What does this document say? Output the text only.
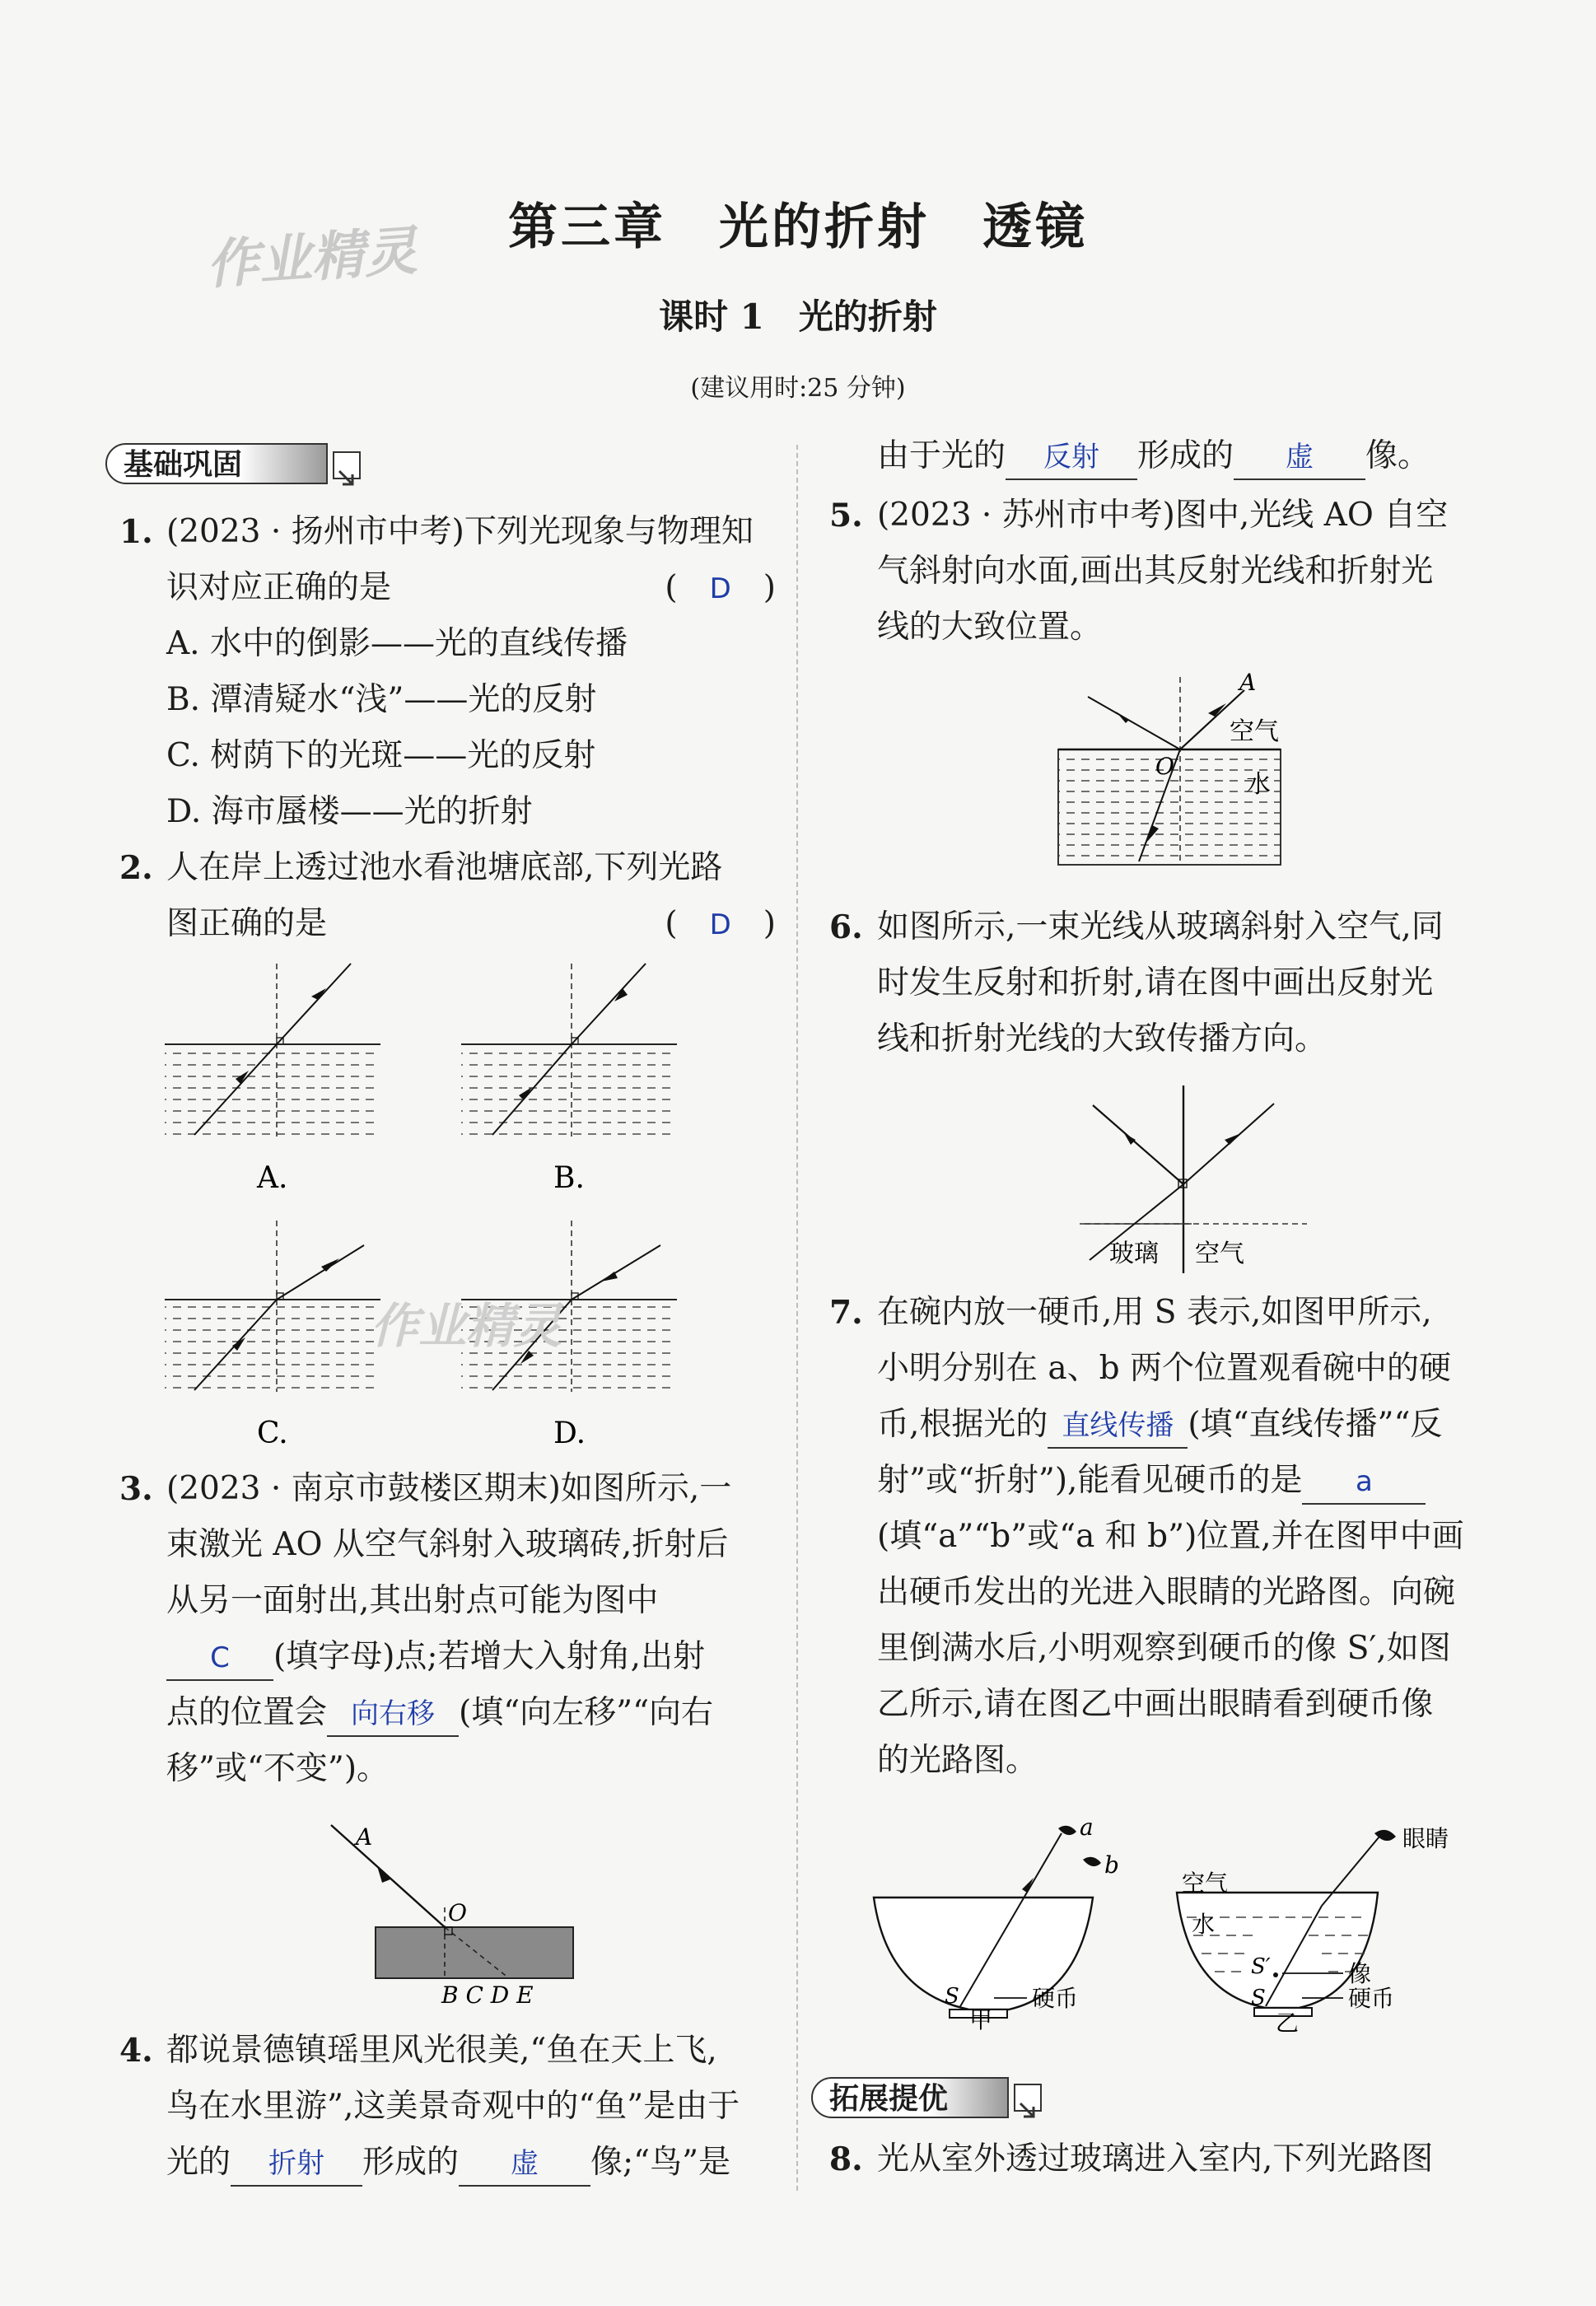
第三章　光的折射　透镜
作业精灵
课时 1　光的折射
(建议用时:25 分钟)
基础巩固
1. (2023 · 扬州市中考)下列光现象与物理知
识对应正确的是	(　D　)
A. 水中的倒影——光的直线传播
B. 潭清疑水“浅”——光的反射
C. 树荫下的光斑——光的反射
D. 海市蜃楼——光的折射
2. 人在岸上透过池水看池塘底部,下列光路
图正确的是	(　D　)
A.	B.
C.	D.
作业精灵
3. (2023 · 南京市鼓楼区期末)如图所示,一
束激光 AO 从空气斜射入玻璃砖,折射后
从另一面射出,其出射点可能为图中
C (填字母)点;若增大入射角,出射
点的位置会 向右移 (填“向左移”“向右
移”或“不变”)。
A
O
B C D E
4. 都说景德镇瑶里风光很美,“鱼在天上飞,
鸟在水里游”,这美景奇观中的“鱼”是由于
光的 折射 形成的 虚 像;“鸟”是
由于光的 反射 形成的 虚 像。
5. (2023 · 苏州市中考)图中,光线 AO 自空
气斜射向水面,画出其反射光线和折射光
线的大致位置。
A
空气
O
水
6. 如图所示,一束光线从玻璃斜射入空气,同
时发生反射和折射,请在图中画出反射光
线和折射光线的大致传播方向。
玻璃 空气
7. 在碗内放一硬币,用 S 表示,如图甲所示,
小明分别在 a、b 两个位置观看碗中的硬
币,根据光的 直线传播 (填“直线传播”“反
射”或“折射”),能看见硬币的是 a
(填“a”“b”或“a 和 b”)位置,并在图甲中画
出硬币发出的光进入眼睛的光路图。向碗
里倒满水后,小明观察到硬币的像 S′,如图
乙所示,请在图乙中画出眼睛看到硬币像
的光路图。
a
b
S	硬币
甲
空气
水
S′
S
像
硬币
眼睛
乙
拓展提优
8. 光从室外透过玻璃进入室内,下列光路图
